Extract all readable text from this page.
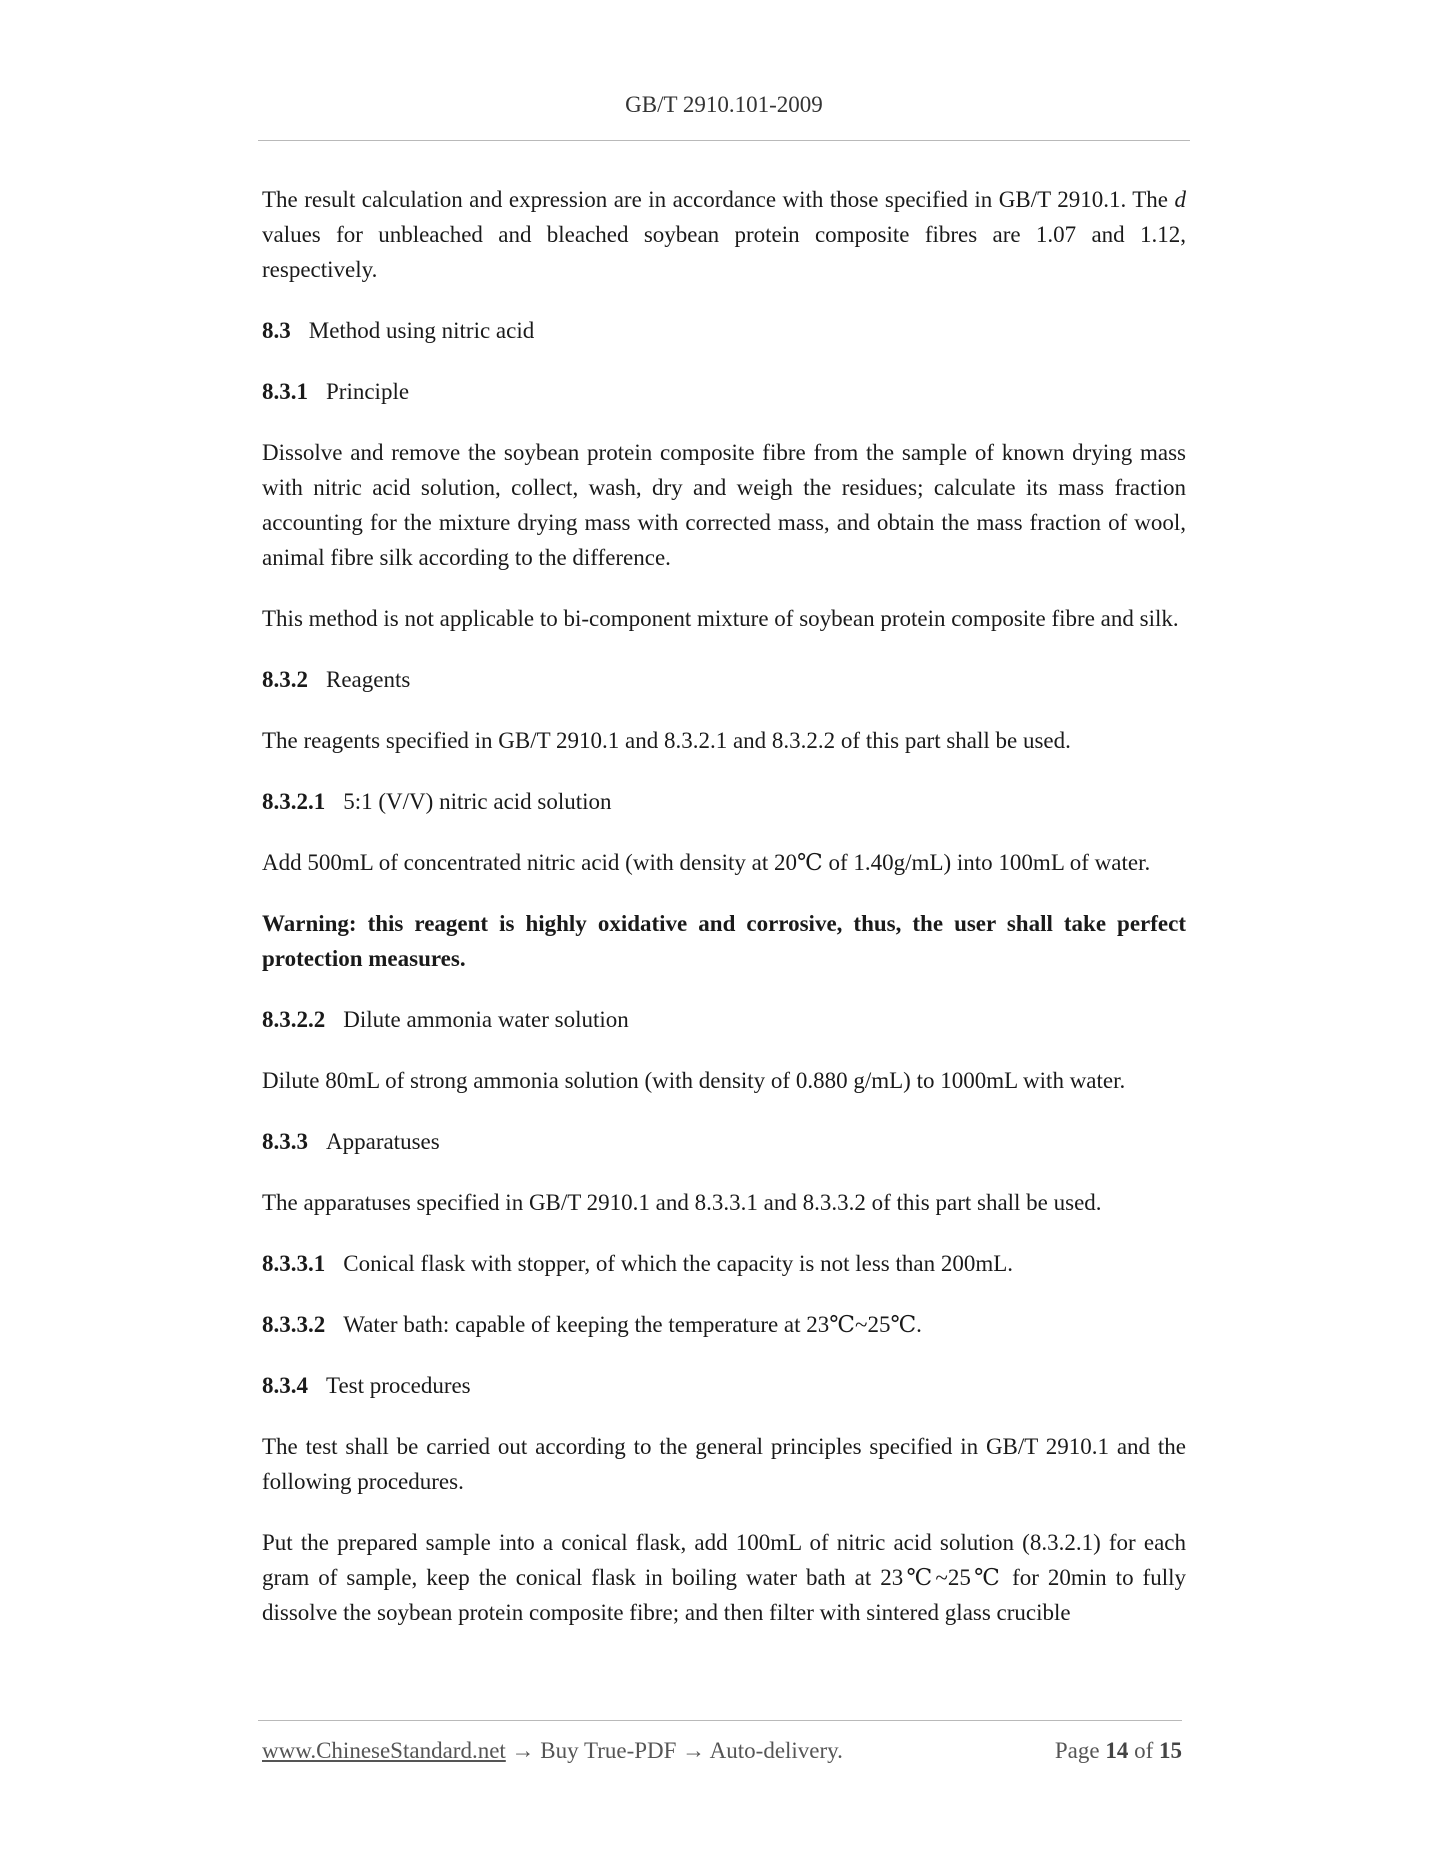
GB/T 2910.101-2009

The result calculation and expression are in accordance with those specified in GB/T 2910.1. The d values for unbleached and bleached soybean protein composite fibres are 1.07 and 1.12, respectively.

8.3 Method using nitric acid

8.3.1 Principle

Dissolve and remove the soybean protein composite fibre from the sample of known drying mass with nitric acid solution, collect, wash, dry and weigh the residues; calculate its mass fraction accounting for the mixture drying mass with corrected mass, and obtain the mass fraction of wool, animal fibre silk according to the difference.

This method is not applicable to bi-component mixture of soybean protein composite fibre and silk.

8.3.2 Reagents

The reagents specified in GB/T 2910.1 and 8.3.2.1 and 8.3.2.2 of this part shall be used.

8.3.2.1 5:1 (V/V) nitric acid solution

Add 500mL of concentrated nitric acid (with density at 20℃ of 1.40g/mL) into 100mL of water.

Warning: this reagent is highly oxidative and corrosive, thus, the user shall take perfect protection measures.

8.3.2.2 Dilute ammonia water solution

Dilute 80mL of strong ammonia solution (with density of 0.880 g/mL) to 1000mL with water.

8.3.3 Apparatuses

The apparatuses specified in GB/T 2910.1 and 8.3.3.1 and 8.3.3.2 of this part shall be used.

8.3.3.1 Conical flask with stopper, of which the capacity is not less than 200mL.

8.3.3.2 Water bath: capable of keeping the temperature at 23℃~25℃.

8.3.4 Test procedures

The test shall be carried out according to the general principles specified in GB/T 2910.1 and the following procedures.

Put the prepared sample into a conical flask, add 100mL of nitric acid solution (8.3.2.1) for each gram of sample, keep the conical flask in boiling water bath at 23℃~25℃ for 20min to fully dissolve the soybean protein composite fibre; and then filter with sintered glass crucible

www.ChineseStandard.net → Buy True-PDF → Auto-delivery.	Page 14 of 15
